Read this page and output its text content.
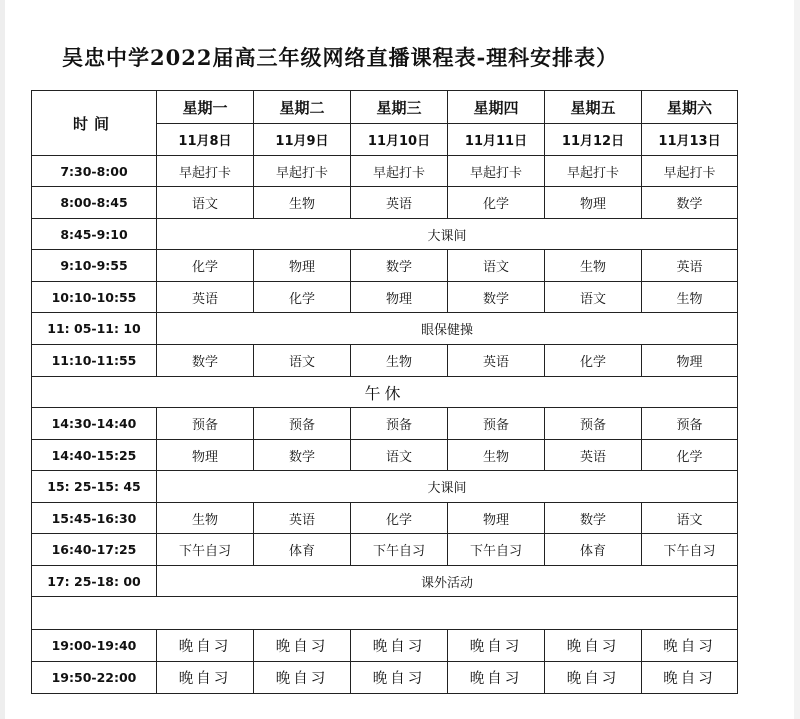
吴忠中学2022届高三年级网络直播课程表-理科安排表）
时间	星期一	星期二	星期三	星期四	星期五	星期六
	11月8日	11月9日	11月10日	11月11日	11月12日	11月13日
7:30-8:00	早起打卡	早起打卡	早起打卡	早起打卡	早起打卡	早起打卡
8:00-8:45	语文	生物	英语	化学	物理	数学
8:45-9:10	大课间					
9:10-9:55	化学	物理	数学	语文	生物	英语
10:10-10:55	英语	化学	物理	数学	语文	生物
11: 05-11: 10	眼保健操					
11:10-11:55	数学	语文	生物	英语	化学	物理
午休						
14:30-14:40	预备	预备	预备	预备	预备	预备
14:40-15:25	物理	数学	语文	生物	英语	化学
15: 25-15: 45	大课间					
15:45-16:30	生物	英语	化学	物理	数学	语文
16:40-17:25	下午自习	体育	下午自习	下午自习	体育	下午自习
17: 25-18: 00	课外活动					

19:00-19:40	晚自习	晚自习	晚自习	晚自习	晚自习	晚自习
19:50-22:00	晚自习	晚自习	晚自习	晚自习	晚自习	晚自习
